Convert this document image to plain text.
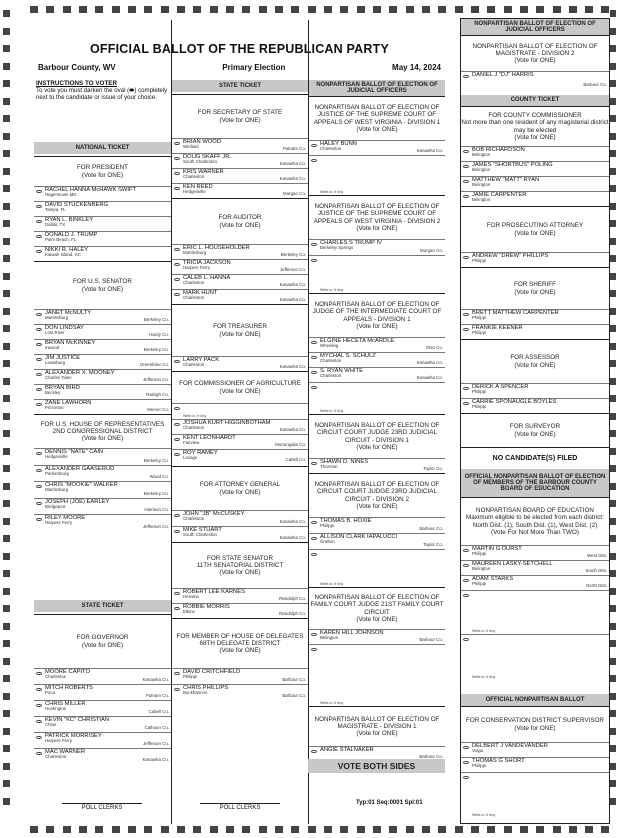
OFFICIAL BALLOT OF THE REPUBLICAN PARTY
Barbour County, WV	Primary Election	May 14, 2024
INSTRUCTIONS TO VOTER
To vote you must darken the oval (⬬) completely next to the candidate or issue of your choice.
NATIONAL TICKET
FOR PRESIDENT
(Vote for ONE)
RACHEL HANNA McHAWK SWIFT
Hagerstown MD
DAVID STUCKENBERG
Tampa, FL
RYAN L. BINKLEY
Dallas, TX
DONALD J. TRUMP
Palm Beach, FL
NIKKI R. HALEY
Kiawah Island, SC
FOR U.S. SENATOR
(Vote for ONE)
JANET McNULTY
Martinsburg	Berkeley Co.
DON LINDSAY
Lost River	Hardy Co.
BRYAN McKINNEY
Inwood	Berkeley Co.
JIM JUSTICE
Lewisburg	Greenbrier Co.
ALEXANDER X. MOONEY
Charles Town	Jefferson Co.
BRYAN BIRD
Beckley	Raleigh Co.
ZANE LAWHORN
Princeton	Mercer Co.
FOR U.S. HOUSE OF REPRESENTATIVES
2ND CONGRESSIONAL DISTRICT
(Vote for ONE)
DENNIS "NATE" CAIN
Hedgesville
Berkeley Co.
ALEXANDER GAASERUD
Parkersburg
Wood Co.
CHRIS "MOOKIE" WALKER
Martinsburg
Berkeley Co.
JOSEPH (JOE) EARLEY
Bridgeport
Harrison Co.
RILEY MOORE
Harpers Ferry
Jefferson Co.
STATE TICKET
FOR GOVERNOR
(Vote for ONE)
MOORE CAPITO
Charleston
Kanawha Co.
MITCH ROBERTS
Poca
Putnam Co.
CHRIS MILLER
Huntington
Cabell Co.
KEVIN "KC" CHRISTIAN
Chloe
Calhoun Co.
PATRICK MORRISEY
Harpers Ferry
Jefferson Co.
MAC WARNER
Charleston
Kanawha Co.
STATE TICKET
FOR SECRETARY OF STATE
(Vote for ONE)
BRIAN WOOD
Winfield	Putnam Co.
DOUG SKAFF JR.
South Charleston	Kanawha Co.
KRIS WARNER
Charleston	Kanawha Co.
KEN REED
Hedgesville	Morgan Co.
FOR AUDITOR
(Vote for ONE)
ERIC L. HOUSEHOLDER
Martinsburg	Berkeley Co.
TRICIA JACKSON
Harpers Ferry	Jefferson Co.
CALEB L. HANNA
Charleston	Kanawha Co.
MARK HUNT
Charleston	Kanawha Co.
FOR TREASURER
(Vote for ONE)
LARRY PACK
Charleston	Kanawha Co.
FOR COMMISSIONER OF AGRICULTURE
(Vote for ONE)
Write-in, If Any
JOSHUA KURT HIGGINBOTHAM
Charleston	Kanawha Co.
KENT LEONHARDT
Fairview	Monongalia Co.
ROY RAMEY
Lesage	Cabell Co.
FOR ATTORNEY GENERAL
(Vote for ONE)
JOHN "JB" McCUSKEY
Charleston
Kanawha Co.
MIKE STUART
South Charleston
Kanawha Co.
FOR STATE SENATOR
11TH SENATORIAL DISTRICT
(Vote for ONE)
ROBERT LEE KARNES
Helvetia	Randolph Co.
ROBBIE MORRIS
Elkins	Randolph Co.
FOR MEMBER OF HOUSE OF DELEGATES
68TH DELEGATE DISTRICT
(Vote for ONE)
DAVID CRITCHFIELD
Philippi
Barbour Co.
CHRIS PHILLIPS
Buckhannon
Barbour Co.
NONPARTISAN BALLOT OF ELECTION OF JUDICIAL OFFICERS
NONPARTISAN BALLOT OF ELECTION OF JUSTICE OF THE SUPREME COURT OF APPEALS OF WEST VIRGINIA - DIVISION 1
(Vote for ONE)
HALEY BUNN
Charleston	Kanawha Co.
Write-in, If Any
NONPARTISAN BALLOT OF ELECTION OF JUSTICE OF THE SUPREME COURT OF APPEALS OF WEST VIRGINIA - DIVISION 2
(Vote for ONE)
CHARLES S TRUMP IV
Berkeley Springs
Morgan Co.
Write-in, If Any
NONPARTISAN BALLOT OF ELECTION OF JUDGE OF THE INTERMEDIATE COURT OF APPEALS - DIVISION 1
(Vote for ONE)
ELGINE HECETA McARDLE
Wheeling	Ohio Co.
MYCHAL S. SCHULZ
Charleston	Kanawha Co.
S. RYAN WHITE
Charleston	Kanawha Co.
Write-in, If Any
NONPARTISAN BALLOT OF ELECTION OF CIRCUIT COURT JUDGE 23RD JUDICIAL CIRCUIT - DIVISION 1
(Vote for ONE)
SHAWN D. NINES
Thornton	Taylor Co.
NONPARTISAN BALLOT OF ELECTION OF CIRCUIT COURT JUDGE 23RD JUDICIAL CIRCUIT - DIVISION 2
(Vote for ONE)
THOMAS B. HOXIE
Philippi
Barbour Co.
ALLISON CLARK IAPALUCCI
Grafton
Taylor Co.
Write-in, If Any
NONPARTISAN BALLOT OF ELECTION OF FAMILY COURT JUDGE 21ST FAMILY COURT CIRCUIT
(Vote for ONE)
KAREN HILL JOHNSON
Belington	Barbour Co.
Write-in, If Any
NONPARTISAN BALLOT OF ELECTION OF MAGISTRATE - DIVISION 1
(Vote for ONE)
ANGIE STALNAKER
Barbour Co.
NONPARTISAN BALLOT OF ELECTION OF JUDICIAL OFFICERS
NONPARTISAN BALLOT OF ELECTION OF MAGISTRATE - DIVISION 2
(Vote for ONE)
DANIEL J "DJ" HARRIS
Barbour Co.
COUNTY TICKET
FOR COUNTY COMMISSIONER
Not more than one resident of any magisterial district may be elected
(Vote for ONE)
BOB RICHARDSON
Belington
JAMES "SHORTBUS" POLING
Belington
MATTHEW "MATT" RYAN
Belington
JAMIE CARPENTER
Belington
FOR PROSECUTING ATTORNEY
(Vote for ONE)
ANDREW "DREW" PHILLIPS
Philippi
FOR SHERIFF
(Vote for ONE)
BRETT MATTHEW CARPENTER
Philippi
FRANKIE KEENER
Philippi
FOR ASSESSOR
(Vote for ONE)
DERICK A SPENCER
Philippi
CARRIE SPONAUGLE BOYLES
Philippi
FOR SURVEYOR
(Vote for ONE)
NO CANDIDATE(S) FILED
OFFICIAL NONPARTISAN BALLOT OF ELECTION OF MEMBERS OF THE BARBOUR COUNTY BOARD OF EDUCATION
NONPARTISAN BOARD OF EDUCATION
Maximum eligible to be elected from each district: North Dist. (1), South Dist. (1), West Dist. (2)
(Vote For Not More Than TWO)
MARTIN G DURST
Philippi	West Dist.
MAUREEN LASKY-SETCHELL
Belington	South Dist.
ADAM STARKS
Philippi	North Dist.
Write-in, If Any
Write-in, If Any
OFFICIAL NONPARTISAN BALLOT
FOR CONSERVATION DISTRICT SUPERVISOR
(Vote for ONE)
DELBERT J VANDEVANDER
Volga
THOMAS G SHORT
Philippi
Write-in, If Any
VOTE BOTH SIDES
Typ:01 Seq:0001 Spl:01
POLL CLERKS	POLL CLERKS
